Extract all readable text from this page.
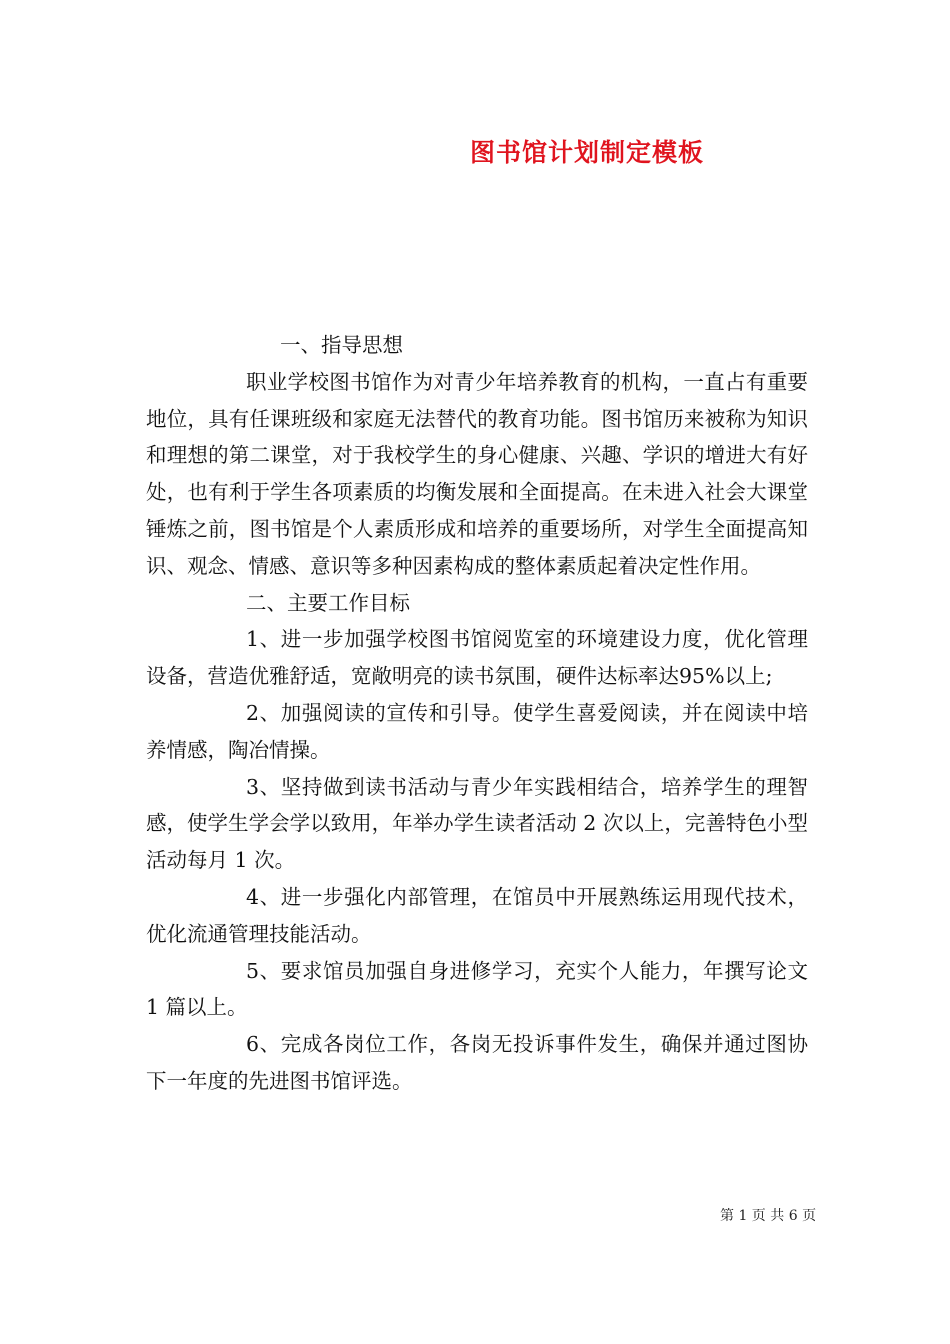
图书馆计划制定模板

一、指导思想

职业学校图书馆作为对青少年培养教育的机构，一直占有重要地位，具有任课班级和家庭无法替代的教育功能。图书馆历来被称为知识和理想的第二课堂，对于我校学生的身心健康、兴趣、学识的增进大有好处，也有利于学生各项素质的均衡发展和全面提高。在未进入社会大课堂锤炼之前，图书馆是个人素质形成和培养的重要场所，对学生全面提高知识、观念、情感、意识等多种因素构成的整体素质起着决定性作用。

二、主要工作目标

1、进一步加强学校图书馆阅览室的环境建设力度，优化管理设备，营造优雅舒适，宽敞明亮的读书氛围，硬件达标率达95%以上;

2、加强阅读的宣传和引导。使学生喜爱阅读，并在阅读中培养情感，陶冶情操。

3、坚持做到读书活动与青少年实践相结合，培养学生的理智感，使学生学会学以致用，年举办学生读者活动 2 次以上，完善特色小型活动每月 1 次。

4、进一步强化内部管理，在馆员中开展熟练运用现代技术，优化流通管理技能活动。

5、要求馆员加强自身进修学习，充实个人能力，年撰写论文 1 篇以上。

6、完成各岗位工作，各岗无投诉事件发生，确保并通过图协下一年度的先进图书馆评选。

第 1 页 共 6 页
